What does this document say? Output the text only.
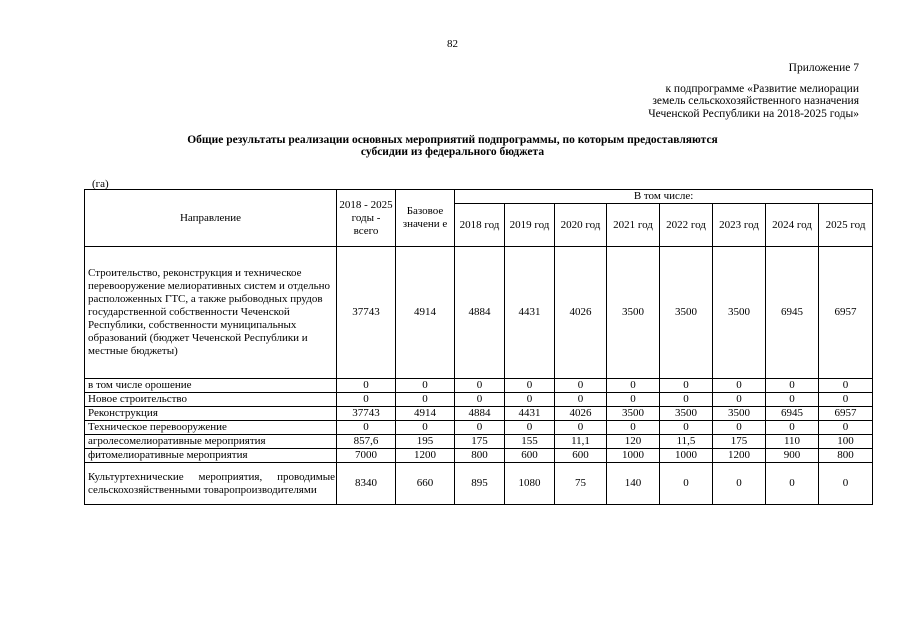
82
Приложение 7
к подпрограмме «Развитие мелиорации
земель сельскохозяйственного назначения
Чеченской Республики на 2018-2025 годы»
Общие результаты реализации основных мероприятий подпрограммы, по которым предоставляются
субсидии из федерального бюджета
(га)
Направление	2018 - 2025 годы - всего	Базовое значени е	В том числе:							
			2018 год	2019 год	2020 год	2021 год	2022 год	2023 год	2024 год	2025 год
Строительство, реконструкция и техническое перевооружение мелиоративных систем и отдельно расположенных ГТС, а также рыбоводных прудов государственной собственности Чеченской Республики, собственности муниципальных образований (бюджет Чеченской Республики и местные бюджеты)	37743	4914	4884	4431	4026	3500	3500	3500	6945	6957
в том числе орошение	0	0	0	0	0	0	0	0	0	0
Новое строительство	0	0	0	0	0	0	0	0	0	0
Реконструкция	37743	4914	4884	4431	4026	3500	3500	3500	6945	6957
Техническое перевооружение	0	0	0	0	0	0	0	0	0	0
агролесомелиоративные мероприятия	857,6	195	175	155	11,1	120	11,5	175	110	100
фитомелиоративные мероприятия	7000	1200	800	600	600	1000	1000	1200	900	800
Культуртехнические мероприятия, проводимые сельскохозяйственными товаропроизводителями	8340	660	895	1080	75	140	0	0	0	0
